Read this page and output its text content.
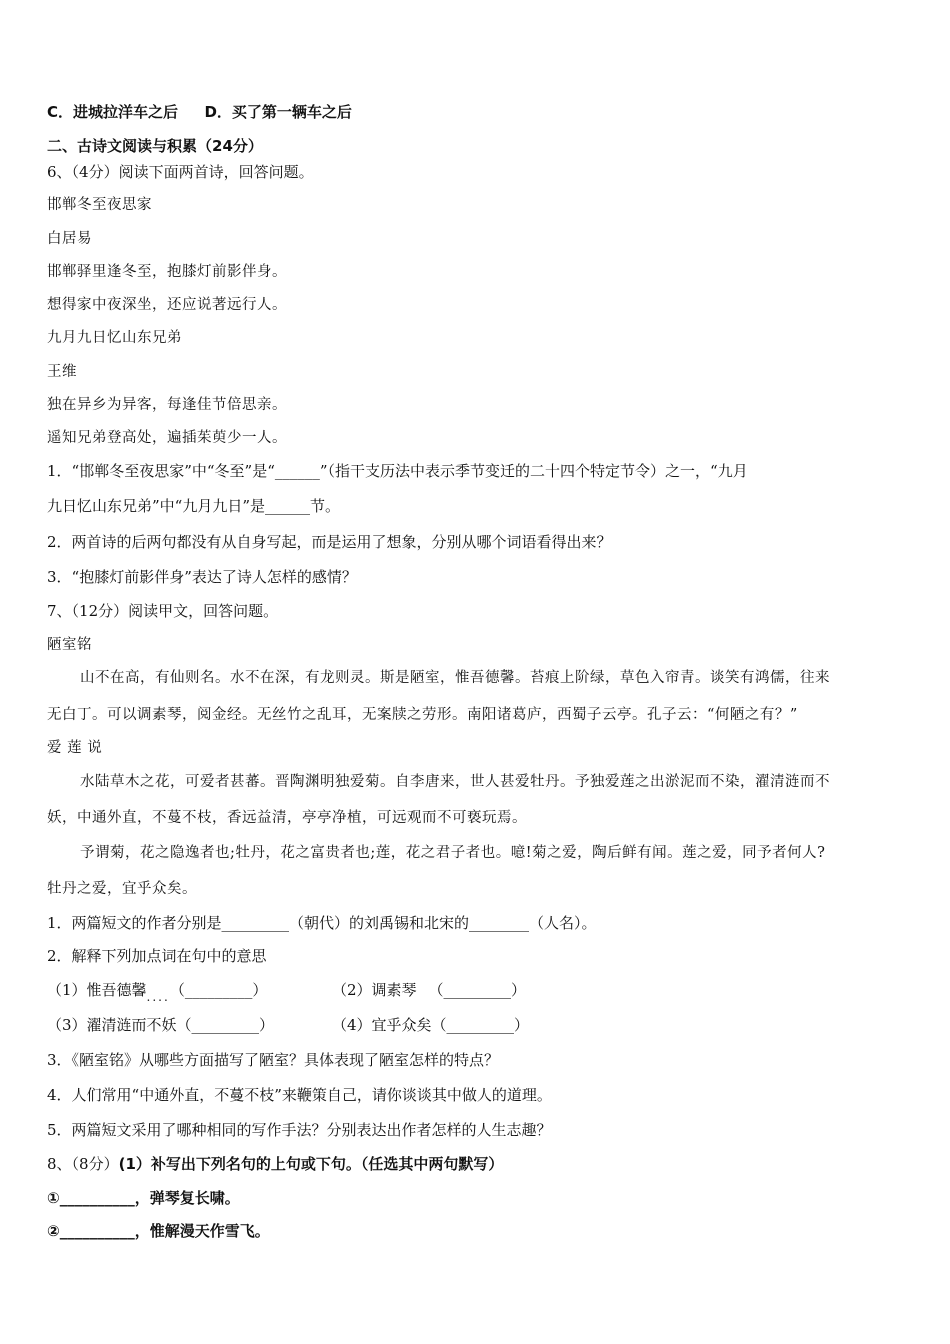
C．进城拉洋车之后 D．买了第一辆车之后
二、古诗文阅读与积累（24分）
6、（4分）阅读下面两首诗，回答问题。
邯郸冬至夜思家
白居易
邯郸驿里逢冬至，抱膝灯前影伴身。
想得家中夜深坐，还应说著远行人。
九月九日忆山东兄弟
王维
独在异乡为异客，每逢佳节倍思亲。
遥知兄弟登高处，遍插茱萸少一人。
1．“邯郸冬至夜思家”中“冬至”是“______”（指干支历法中表示季节变迁的二十四个特定节令）之一，“九月
九日忆山东兄弟”中“九月九日”是______节。
2．两首诗的后两句都没有从自身写起，而是运用了想象，分别从哪个词语看得出来？
3．“抱膝灯前影伴身”表达了诗人怎样的感情？
7、（12分）阅读甲文，回答问题。
陋室铭
山不在高，有仙则名。水不在深，有龙则灵。斯是陋室，惟吾德馨。苔痕上阶绿，草色入帘青。谈笑有鸿儒，往来
无白丁。可以调素琴，阅金经。无丝竹之乱耳，无案牍之劳形。南阳诸葛庐，西蜀子云亭。孔子云：“何陋之有？”
爱 莲 说
水陆草木之花，可爱者甚蕃。晋陶渊明独爱菊。自李唐来，世人甚爱牡丹。予独爱莲之出淤泥而不染，濯清涟而不
妖，中通外直，不蔓不枝，香远益清，亭亭净植，可远观而不可亵玩焉。
予谓菊，花之隐逸者也;牡丹，花之富贵者也;莲，花之君子者也。噫!菊之爱，陶后鲜有闻。莲之爱，同予者何人?
牡丹之爱，宜乎众矣。
1．两篇短文的作者分别是_________（朝代）的刘禹锡和北宋的________（人名）。
2．解释下列加点词在句中的意思
（1）惟吾德馨$_{....}$（_________）	（2）调素琴 （_________）
（3）濯清涟而不妖（_________）	（4）宜乎众矣（_________）
3．《陋室铭》从哪些方面描写了陋室？具体表现了陋室怎样的特点？
4．人们常用“中通外直，不蔓不枝”来鞭策自己，请你谈谈其中做人的道理。
5．两篇短文采用了哪种相同的写作手法？分别表达出作者怎样的人生志趣？
8、（8分）(1）补写出下列名句的上句或下句。（任选其中两句默写）
①__________，弹琴复长啸。
②__________，惟解漫天作雪飞。
